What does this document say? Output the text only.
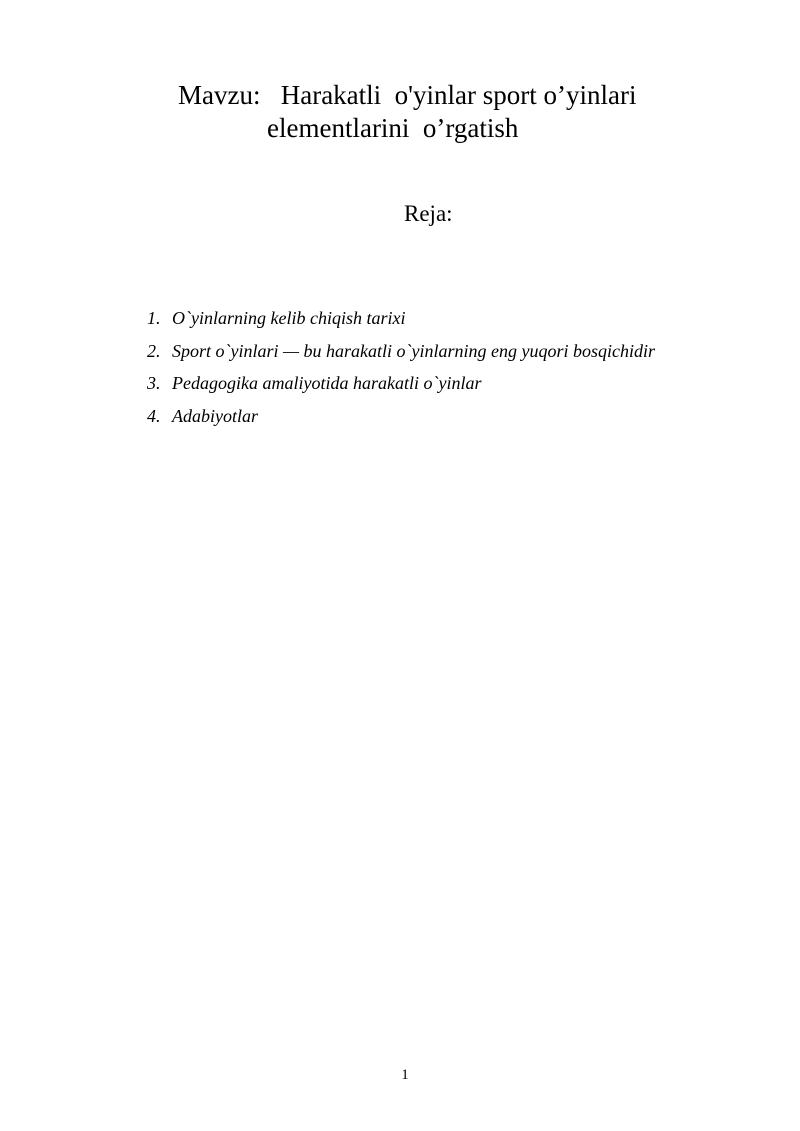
Mavzu:   Harakatli  o'yinlar sport o’yinlari
elementlarini  o’rgatish
Reja:

1. O`yinlarning kelib chiqish tarixi

2. Sport o`yinlari — bu harakatli o`yinlarning eng yuqori bosqichidir

3. Pedagogika amaliyotida harakatli o`yinlar

4. Adabiyotlar

1
